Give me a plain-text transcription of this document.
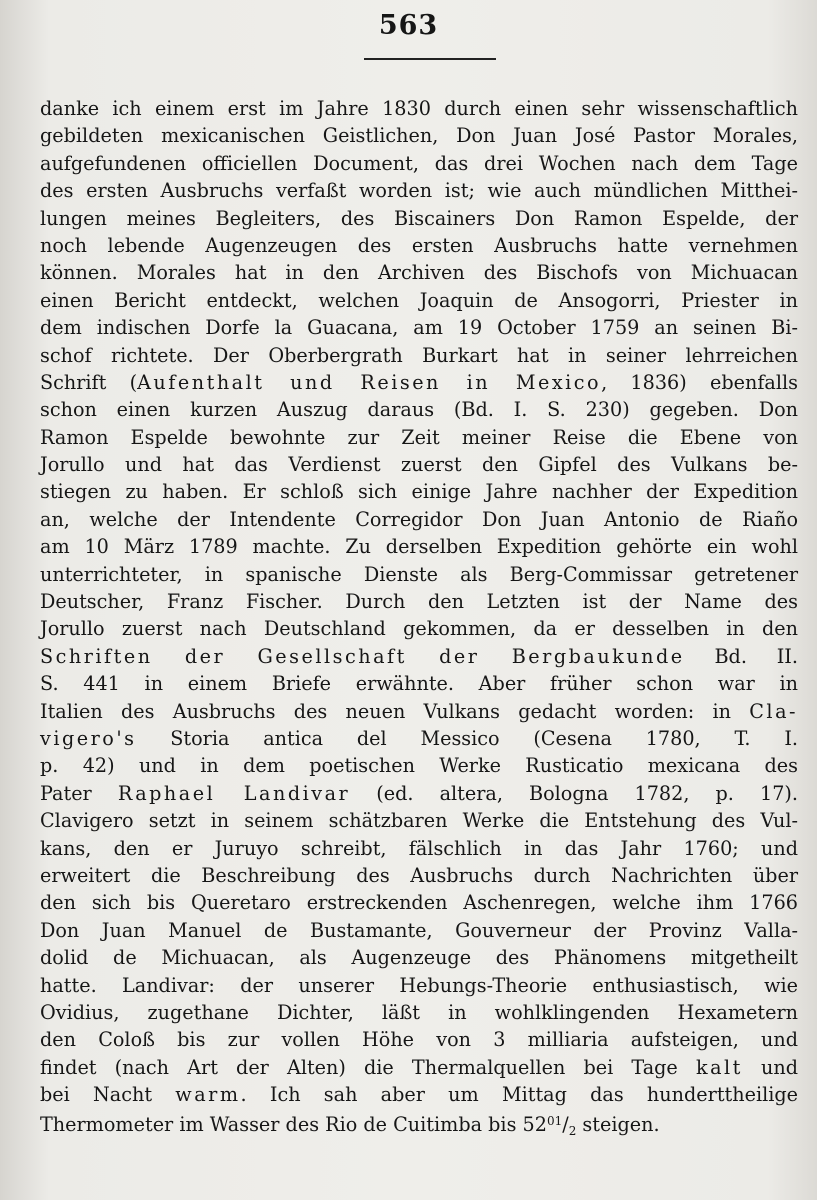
563
danke ich einem erst im Jahre 1830 durch einen sehr wissenschaftlich
gebildeten mexicanischen Geistlichen, Don Juan José Pastor Morales,
aufgefundenen officiellen Document, das drei Wochen nach dem Tage
des ersten Ausbruchs verfaßt worden ist; wie auch mündlichen Mitthei-
lungen meines Begleiters, des Biscainers Don Ramon Espelde, der
noch lebende Augenzeugen des ersten Ausbruchs hatte vernehmen
können. Morales hat in den Archiven des Bischofs von Michuacan
einen Bericht entdeckt, welchen Joaquin de Ansogorri, Priester in
dem indischen Dorfe la Guacana, am 19 October 1759 an seinen Bi-
schof richtete. Der Oberbergrath Burkart hat in seiner lehrreichen
Schrift (Aufenthalt und Reisen in Mexico, 1836) ebenfalls
schon einen kurzen Auszug daraus (Bd. I. S. 230) gegeben. Don
Ramon Espelde bewohnte zur Zeit meiner Reise die Ebene von
Jorullo und hat das Verdienst zuerst den Gipfel des Vulkans be-
stiegen zu haben. Er schloß sich einige Jahre nachher der Expedition
an, welche der Intendente Corregidor Don Juan Antonio de Riaño
am 10 März 1789 machte. Zu derselben Expedition gehörte ein wohl
unterrichteter, in spanische Dienste als Berg-Commissar getretener
Deutscher, Franz Fischer. Durch den Letzten ist der Name des
Jorullo zuerst nach Deutschland gekommen, da er desselben in den
Schriften der Gesellschaft der Bergbaukunde Bd. II.
S. 441 in einem Briefe erwähnte. Aber früher schon war in
Italien des Ausbruchs des neuen Vulkans gedacht worden: in Cla-
vigero's Storia antica del Messico (Cesena 1780, T. I.
p. 42) und in dem poetischen Werke Rusticatio mexicana des
Pater Raphael Landivar (ed. altera, Bologna 1782, p. 17).
Clavigero setzt in seinem schätzbaren Werke die Entstehung des Vul-
kans, den er Juruyo schreibt, fälschlich in das Jahr 1760; und
erweitert die Beschreibung des Ausbruchs durch Nachrichten über
den sich bis Queretaro erstreckenden Aschenregen, welche ihm 1766
Don Juan Manuel de Bustamante, Gouverneur der Provinz Valla-
dolid de Michuacan, als Augenzeuge des Phänomens mitgetheilt
hatte. Landivar: der unserer Hebungs-Theorie enthusiastisch, wie
Ovidius, zugethane Dichter, läßt in wohlklingenden Hexametern
den Coloß bis zur vollen Höhe von 3 milliaria aufsteigen, und
findet (nach Art der Alten) die Thermalquellen bei Tage kalt und
bei Nacht warm. Ich sah aber um Mittag das hunderttheilige
Thermometer im Wasser des Rio de Cuitimba bis $52^{01}/_2$ steigen.
